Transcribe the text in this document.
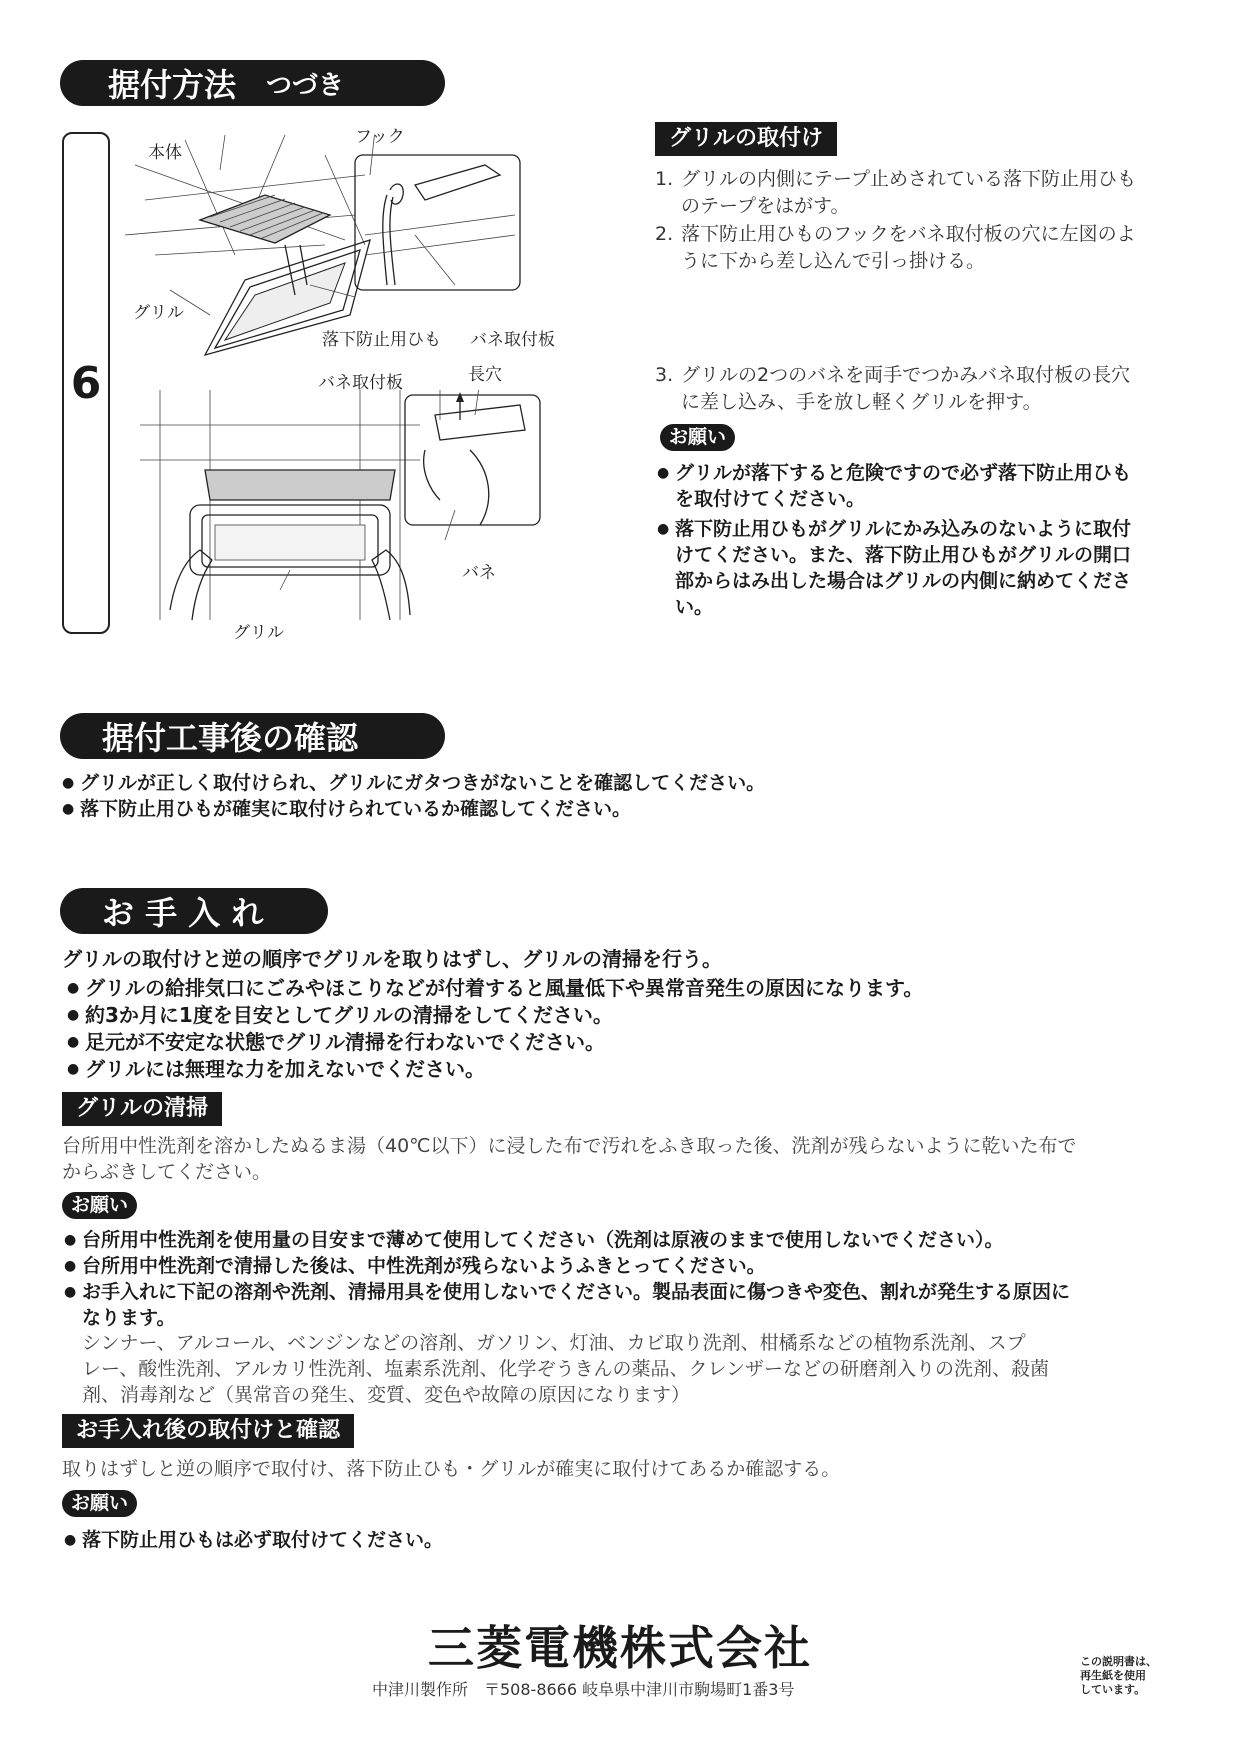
据付方法 つづき
6
本体
フック
グリル
落下防止用ひも バネ取付板
バネ取付板	長穴
バネ
グリル
グリルの取付け
1. グリルの内側にテープ止めされている落下防止用ひも
のテープをはがす。
2. 落下防止用ひものフックをバネ取付板の穴に左図のよ
うに下から差し込んで引っ掛ける。
3. グリルの2つのバネを両手でつかみバネ取付板の長穴
に差し込み、手を放し軽くグリルを押す。
お願い
● グリルが落下すると危険ですので必ず落下防止用ひも
を取付けてください。
● 落下防止用ひもがグリルにかみ込みのないように取付
けてください。また、落下防止用ひもがグリルの開口
部からはみ出した場合はグリルの内側に納めてくださ
い。
据付工事後の確認
● グリルが正しく取付けられ、グリルにガタつきがないことを確認してください。
● 落下防止用ひもが確実に取付けられているか確認してください。
お 手 入 れ
グリルの取付けと逆の順序でグリルを取りはずし、グリルの清掃を行う。
● グリルの給排気口にごみやほこりなどが付着すると風量低下や異常音発生の原因になります。
● 約3か月に1度を目安としてグリルの清掃をしてください。
● 足元が不安定な状態でグリル清掃を行わないでください。
● グリルには無理な力を加えないでください。
グリルの清掃
台所用中性洗剤を溶かしたぬるま湯（40℃以下）に浸した布で汚れをふき取った後、洗剤が残らないように乾いた布で
からぶきしてください。
お願い
● 台所用中性洗剤を使用量の目安まで薄めて使用してください（洗剤は原液のままで使用しないでください）。
● 台所用中性洗剤で清掃した後は、中性洗剤が残らないようふきとってください。
● お手入れに下記の溶剤や洗剤、清掃用具を使用しないでください。製品表面に傷つきや変色、割れが発生する原因に
なります。
シンナー、アルコール、ベンジンなどの溶剤、ガソリン、灯油、カビ取り洗剤、柑橘系などの植物系洗剤、スプ
レー、酸性洗剤、アルカリ性洗剤、塩素系洗剤、化学ぞうきんの薬品、クレンザーなどの研磨剤入りの洗剤、殺菌
剤、消毒剤など（異常音の発生、変質、変色や故障の原因になります）
お手入れ後の取付けと確認
取りはずしと逆の順序で取付け、落下防止ひも・グリルが確実に取付けてあるか確認する。
お願い
● 落下防止用ひもは必ず取付けてください。
三菱電機株式会社
中津川製作所　〒508-8666 岐阜県中津川市駒場町1番3号
この説明書は、
再生紙を使用
しています。
